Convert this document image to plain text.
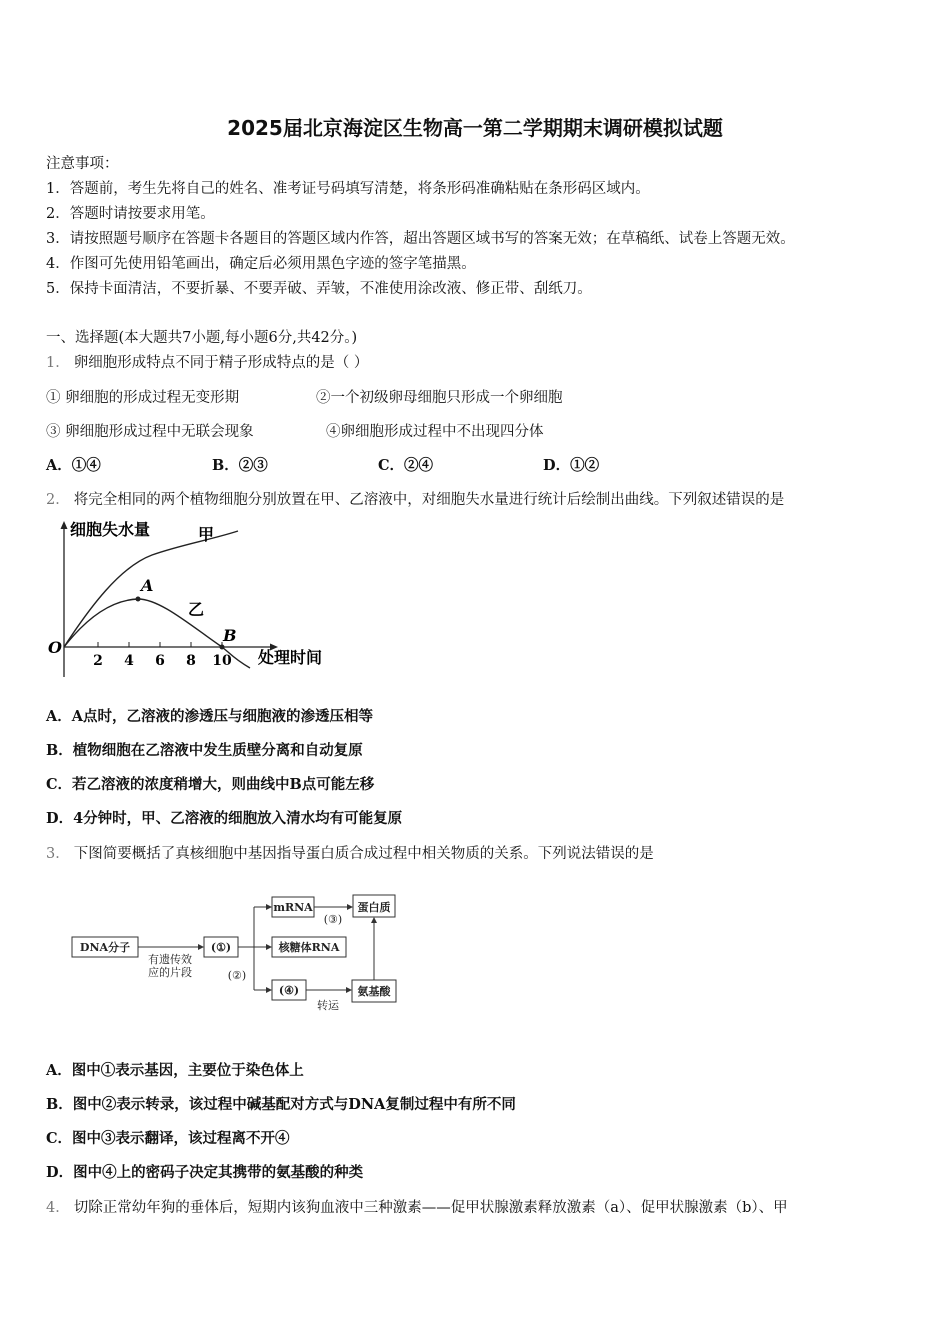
2025届北京海淀区生物高一第二学期期末调研模拟试题
注意事项：
1．答题前，考生先将自己的姓名、准考证号码填写清楚，将条形码准确粘贴在条形码区域内。
2．答题时请按要求用笔。
3．请按照题号顺序在答题卡各题目的答题区域内作答，超出答题区域书写的答案无效；在草稿纸、试卷上答题无效。
4．作图可先使用铅笔画出，确定后必须用黑色字迹的签字笔描黑。
5．保持卡面清洁，不要折暴、不要弄破、弄皱，不准使用涂改液、修正带、刮纸刀。
一、选择题(本大题共7小题,每小题6分,共42分。)
1． 卵细胞形成特点不同于精子形成特点的是（ ）
① 卵细胞的形成过程无变形期	②一个初级卵母细胞只形成一个卵细胞
③ 卵细胞形成过程中无联会现象	④卵细胞形成过程中不出现四分体
A．①④	B．②③	C．②④	D．①②
2． 将完全相同的两个植物细胞分别放置在甲、乙溶液中，对细胞失水量进行统计后绘制出曲线。下列叙述错误的是
2 4 6 8 10
O
细胞失水量
处理时间
甲
A
B
乙
A．A点时，乙溶液的渗透压与细胞液的渗透压相等
B．植物细胞在乙溶液中发生质壁分离和自动复原
C．若乙溶液的浓度稍增大，则曲线中B点可能左移
D．4分钟时，甲、乙溶液的细胞放入清水均有可能复原
3． 下图简要概括了真核细胞中基因指导蛋白质合成过程中相关物质的关系。下列说法错误的是
DNA分子	(①)
mRNA	蛋白质
核糖体RNA
(④)	氨基酸
有遗传效
应的片段	(②)
(③)
转运
A．图中①表示基因，主要位于染色体上
B．图中②表示转录，该过程中碱基配对方式与DNA复制过程中有所不同
C．图中③表示翻译，该过程离不开④
D．图中④上的密码子决定其携带的氨基酸的种类
4． 切除正常幼年狗的垂体后，短期内该狗血液中三种激素——促甲状腺激素释放激素（a）、促甲状腺激素（b）、甲
